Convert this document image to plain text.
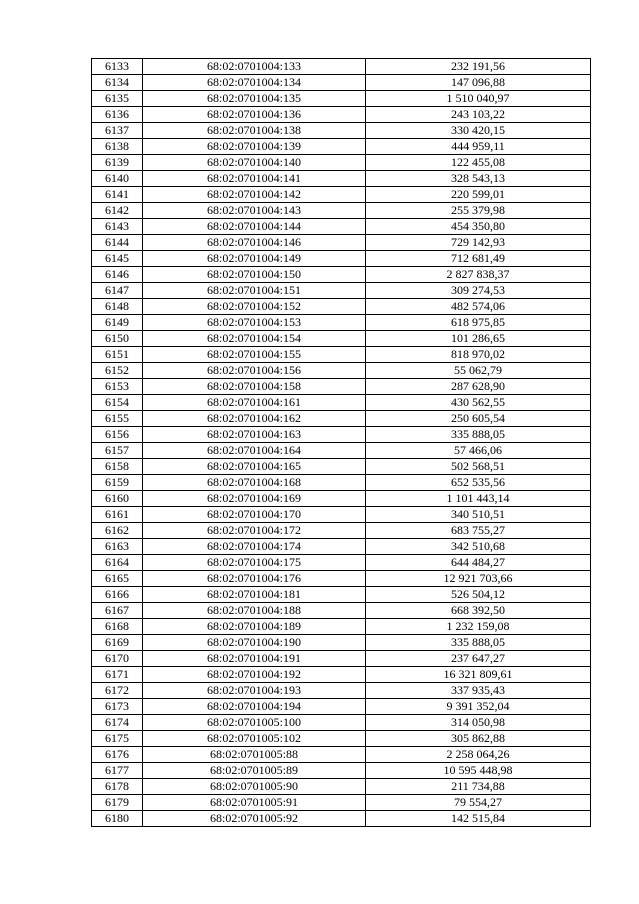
6133	68:02:0701004:133	232 191,56
6134	68:02:0701004:134	147 096,88
6135	68:02:0701004:135	1 510 040,97
6136	68:02:0701004:136	243 103,22
6137	68:02:0701004:138	330 420,15
6138	68:02:0701004:139	444 959,11
6139	68:02:0701004:140	122 455,08
6140	68:02:0701004:141	328 543,13
6141	68:02:0701004:142	220 599,01
6142	68:02:0701004:143	255 379,98
6143	68:02:0701004:144	454 350,80
6144	68:02:0701004:146	729 142,93
6145	68:02:0701004:149	712 681,49
6146	68:02:0701004:150	2 827 838,37
6147	68:02:0701004:151	309 274,53
6148	68:02:0701004:152	482 574,06
6149	68:02:0701004:153	618 975,85
6150	68:02:0701004:154	101 286,65
6151	68:02:0701004:155	818 970,02
6152	68:02:0701004:156	55 062,79
6153	68:02:0701004:158	287 628,90
6154	68:02:0701004:161	430 562,55
6155	68:02:0701004:162	250 605,54
6156	68:02:0701004:163	335 888,05
6157	68:02:0701004:164	57 466,06
6158	68:02:0701004:165	502 568,51
6159	68:02:0701004:168	652 535,56
6160	68:02:0701004:169	1 101 443,14
6161	68:02:0701004:170	340 510,51
6162	68:02:0701004:172	683 755,27
6163	68:02:0701004:174	342 510,68
6164	68:02:0701004:175	644 484,27
6165	68:02:0701004:176	12 921 703,66
6166	68:02:0701004:181	526 504,12
6167	68:02:0701004:188	668 392,50
6168	68:02:0701004:189	1 232 159,08
6169	68:02:0701004:190	335 888,05
6170	68:02:0701004:191	237 647,27
6171	68:02:0701004:192	16 321 809,61
6172	68:02:0701004:193	337 935,43
6173	68:02:0701004:194	9 391 352,04
6174	68:02:0701005:100	314 050,98
6175	68:02:0701005:102	305 862,88
6176	68:02:0701005:88	2 258 064,26
6177	68:02:0701005:89	10 595 448,98
6178	68:02:0701005:90	211 734,88
6179	68:02:0701005:91	79 554,27
6180	68:02:0701005:92	142 515,84
